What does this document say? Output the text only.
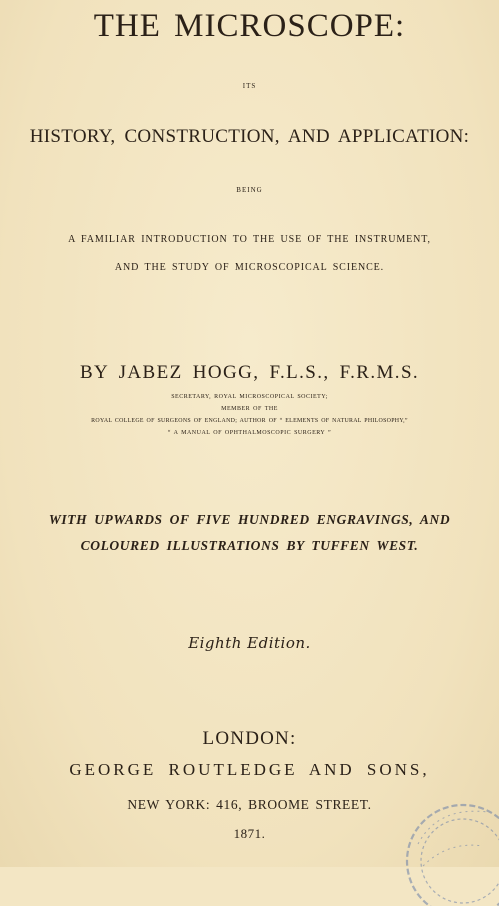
THE MICROSCOPE:
ITS
HISTORY, CONSTRUCTION, AND APPLICATION:
BEING
A FAMILIAR INTRODUCTION TO THE USE OF THE INSTRUMENT,
AND THE STUDY OF MICROSCOPICAL SCIENCE.
BY JABEZ HOGG, F.L.S., F.R.M.S.
SECRETARY, ROYAL MICROSCOPICAL SOCIETY;
MEMBER OF THE
ROYAL COLLEGE OF SURGEONS OF ENGLAND; AUTHOR OF “ ELEMENTS OF NATURAL PHILOSOPHY,”
“ A MANUAL OF OPHTHALMOSCOPIC SURGERY ”
WITH UPWARDS OF FIVE HUNDRED ENGRAVINGS, AND
COLOURED ILLUSTRATIONS BY TUFFEN WEST.
Eighth Edition.
LONDON:
GEORGE ROUTLEDGE AND SONS,
NEW YORK: 416, BROOME STREET.
1871.
